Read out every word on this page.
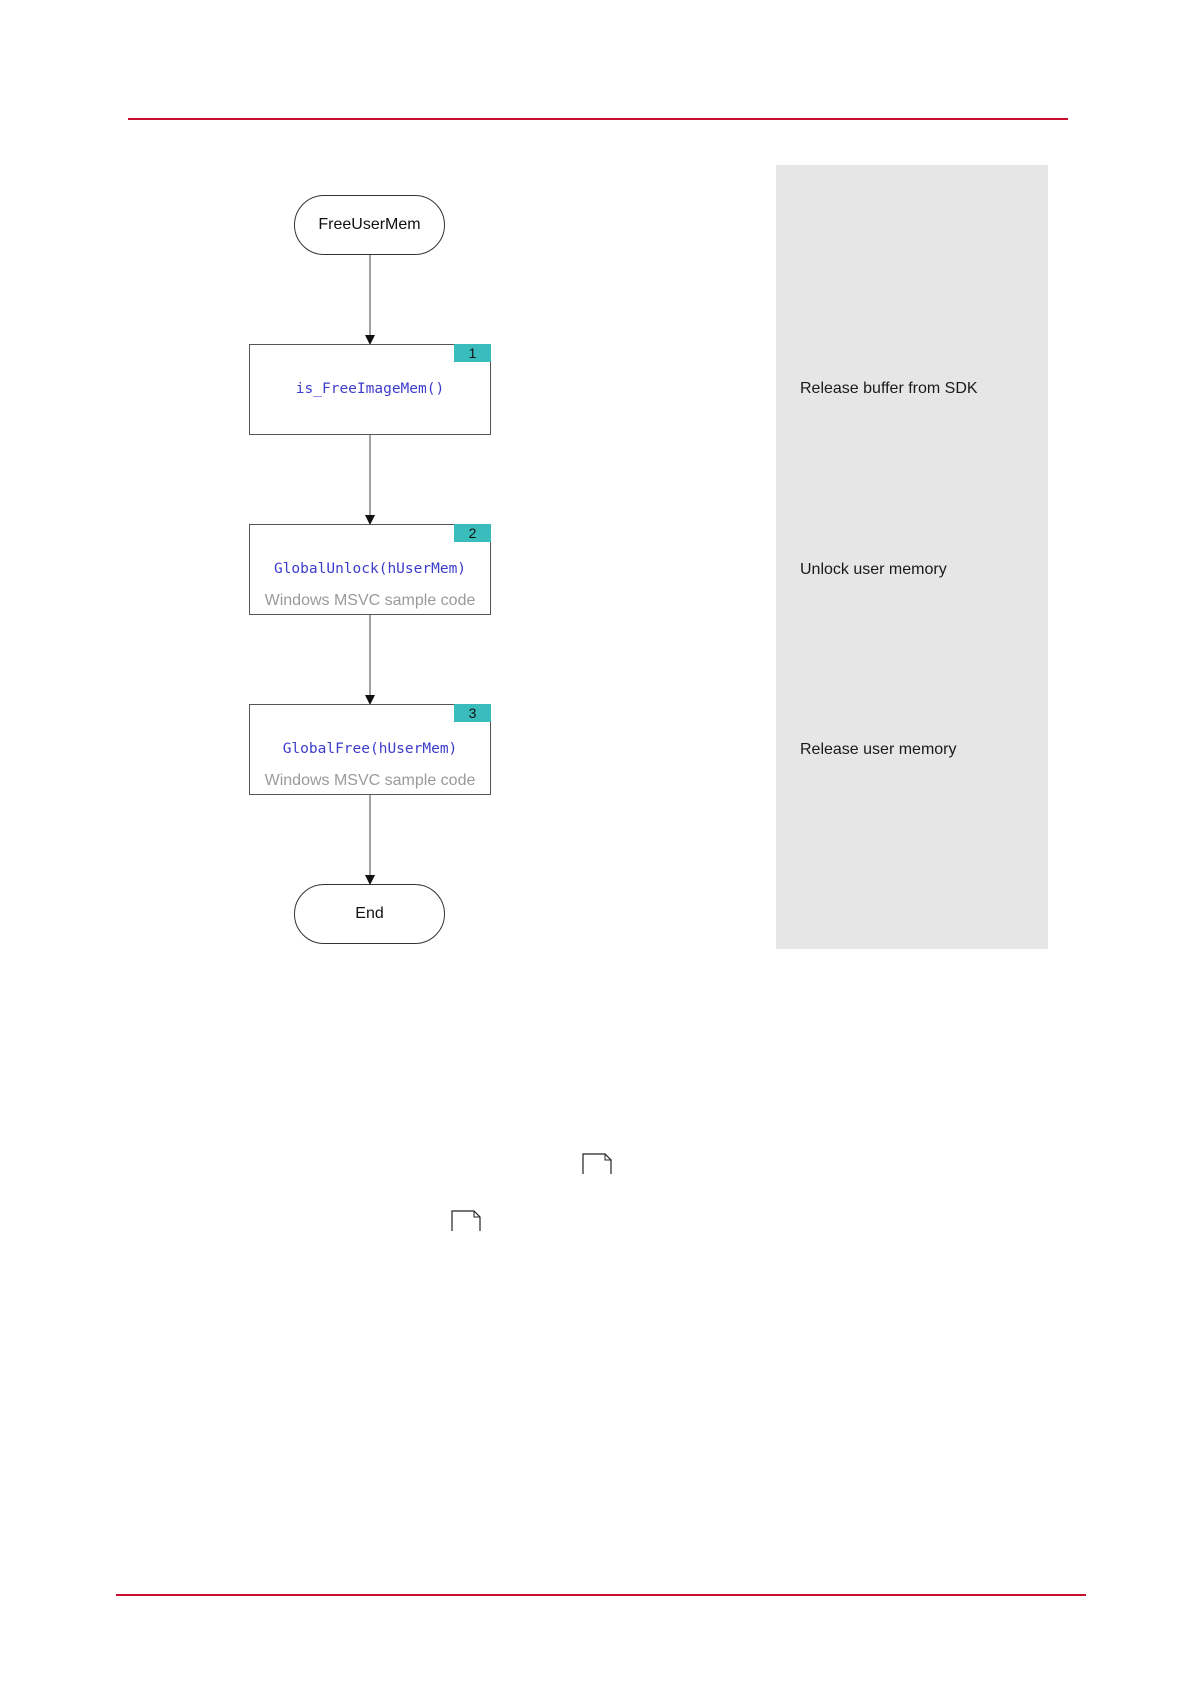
Release buffer from SDK
Unlock user memory
Release user memory
FreeUserMem
1
is_FreeImageMem()
2
GlobalUnlock(hUserMem)
Windows MSVC sample code
3
GlobalFree(hUserMem)
Windows MSVC sample code
End
